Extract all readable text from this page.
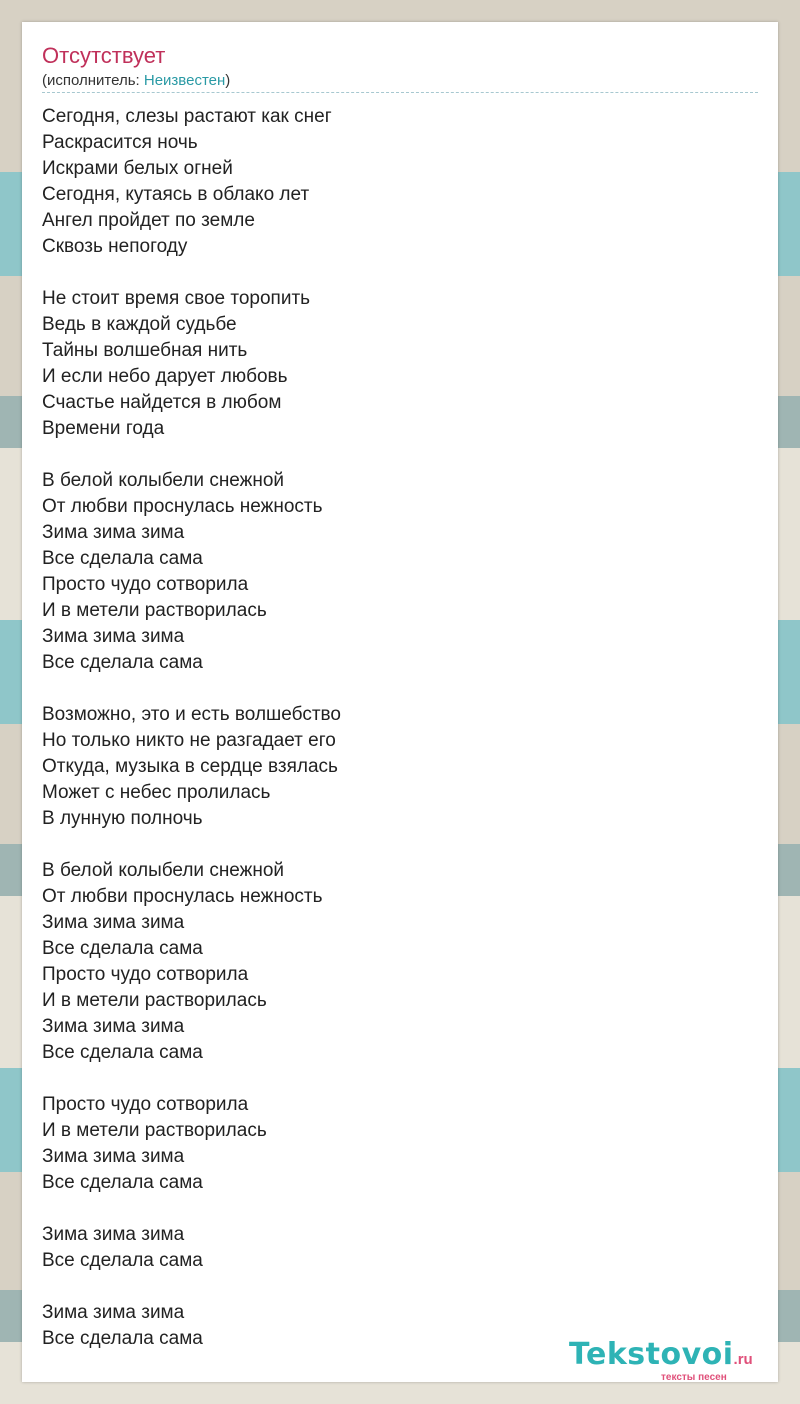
Отсутствует
(исполнитель: Неизвестен)
Сегодня, слезы растают как снег
Раскрасится ночь
Искрами белых огней
Сегодня, кутаясь в облако лет
Ангел пройдет по земле
Сквозь непогоду
Не стоит время свое торопить
Ведь в каждой судьбе
Тайны волшебная нить
И если небо дарует любовь
Счастье найдется в любом
Времени года
В белой колыбели снежной
От любви проснулась нежность
Зима зима зима
Все сделала сама
Просто чудо сотворила
И в метели растворилась
Зима зима зима
Все сделала сама
Возможно, это и есть волшебство
Но только никто не разгадает его
Откуда, музыка в сердце взялась
Может с небес пролилась
В лунную полночь
В белой колыбели снежной
От любви проснулась нежность
Зима зима зима
Все сделала сама
Просто чудо сотворила
И в метели растворилась
Зима зима зима
Все сделала сама
Просто чудо сотворила
И в метели растворилась
Зима зима зима
Все сделала сама
Зима зима зима
Все сделала сама
Зима зима зима
Все сделала сама	Tekstovoi.ru
тексты песен
